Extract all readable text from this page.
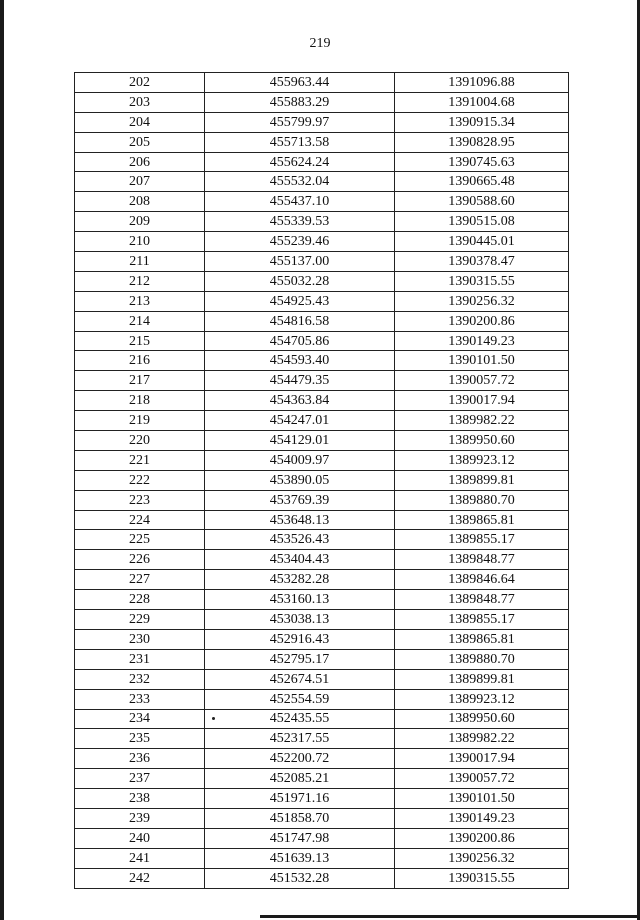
219
202	455963.44	1391096.88
203	455883.29	1391004.68
204	455799.97	1390915.34
205	455713.58	1390828.95
206	455624.24	1390745.63
207	455532.04	1390665.48
208	455437.10	1390588.60
209	455339.53	1390515.08
210	455239.46	1390445.01
211	455137.00	1390378.47
212	455032.28	1390315.55
213	454925.43	1390256.32
214	454816.58	1390200.86
215	454705.86	1390149.23
216	454593.40	1390101.50
217	454479.35	1390057.72
218	454363.84	1390017.94
219	454247.01	1389982.22
220	454129.01	1389950.60
221	454009.97	1389923.12
222	453890.05	1389899.81
223	453769.39	1389880.70
224	453648.13	1389865.81
225	453526.43	1389855.17
226	453404.43	1389848.77
227	453282.28	1389846.64
228	453160.13	1389848.77
229	453038.13	1389855.17
230	452916.43	1389865.81
231	452795.17	1389880.70
232	452674.51	1389899.81
233	452554.59	1389923.12
234	452435.55	1389950.60
235	452317.55	1389982.22
236	452200.72	1390017.94
237	452085.21	1390057.72
238	451971.16	1390101.50
239	451858.70	1390149.23
240	451747.98	1390200.86
241	451639.13	1390256.32
242	451532.28	1390315.55
